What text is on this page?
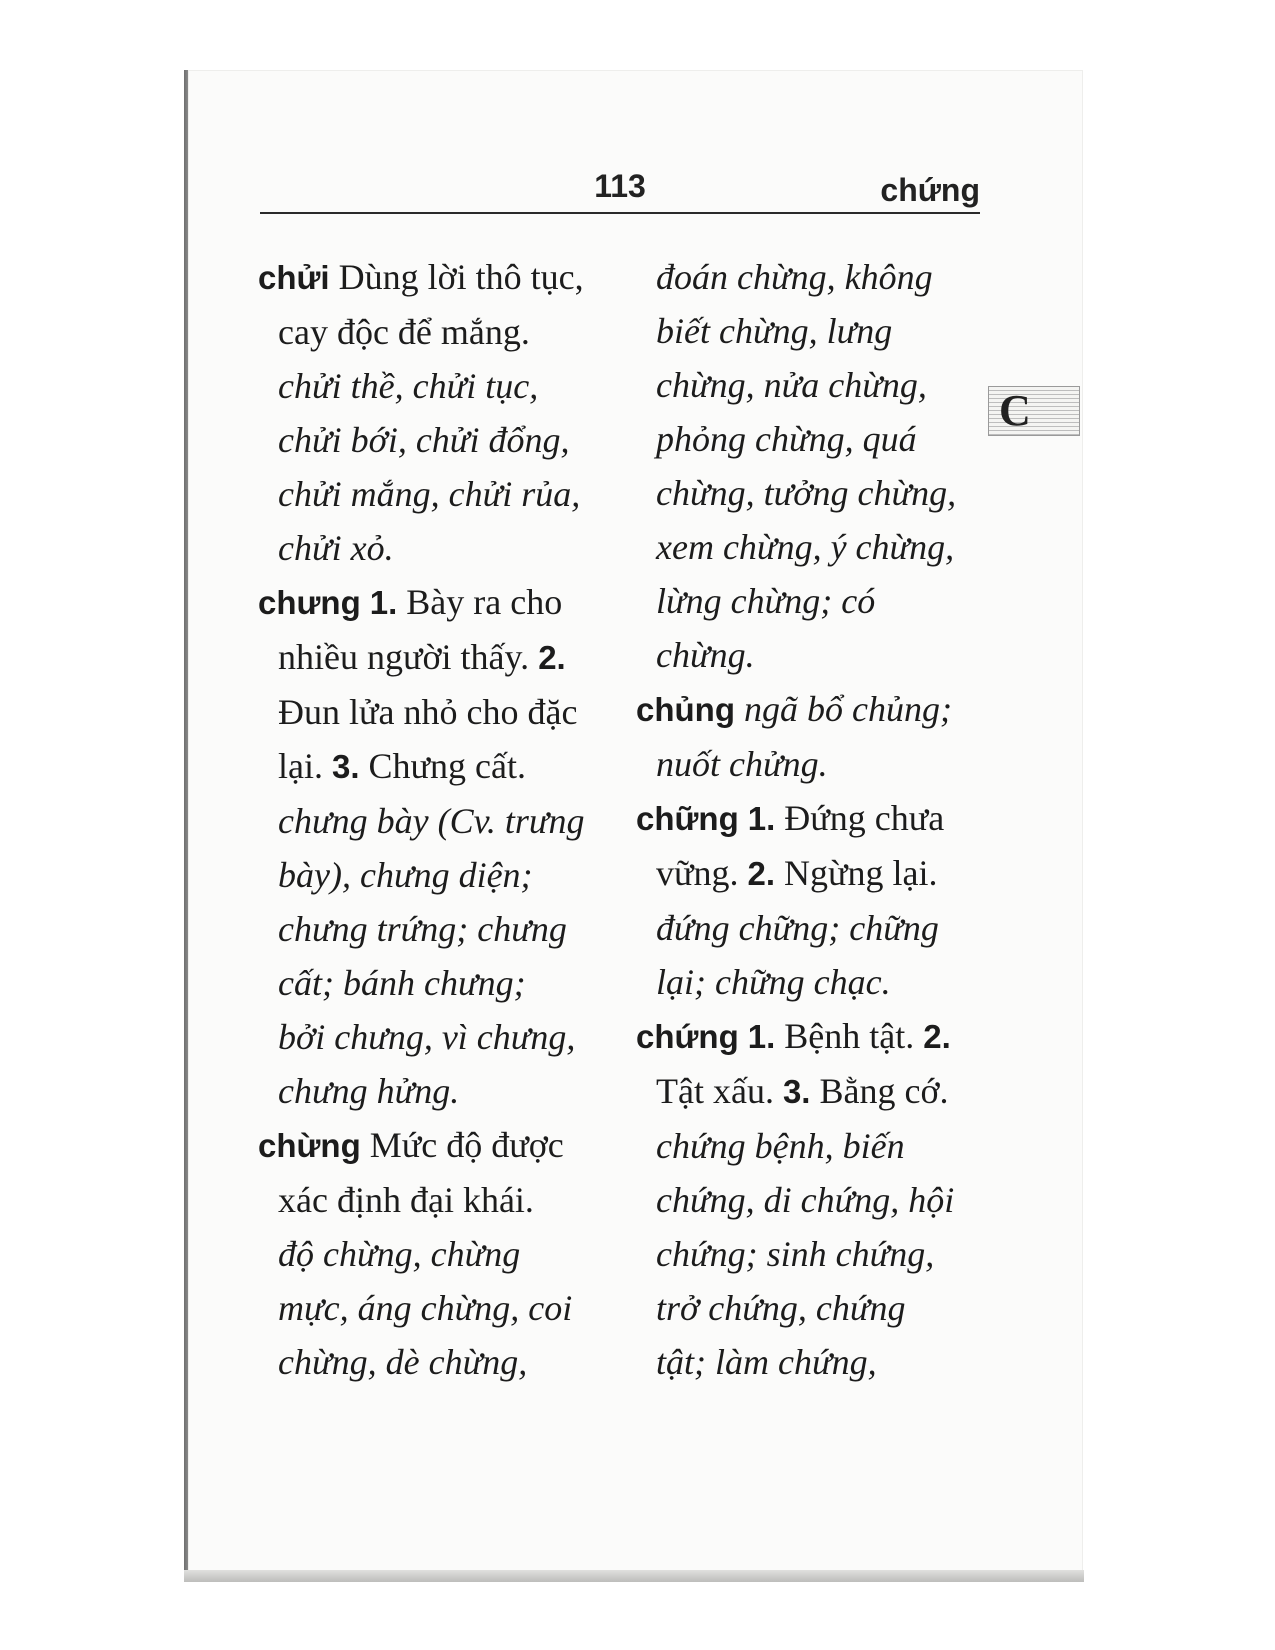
113	chứng
C
chửi Dùng lời thô tục,
cay độc để mắng.
chửi thề, chửi tục,
chửi bới, chửi đổng,
chửi mắng, chửi rủa,
chửi xỏ.
chưng 1. Bày ra cho
nhiều người thấy. 2.
Đun lửa nhỏ cho đặc
lại. 3. Chưng cất.
chưng bày (Cv. trưng
bày), chưng diện;
chưng trứng; chưng
cất; bánh chưng;
bởi chưng, vì chưng,
chưng hửng.
chừng Mức độ được
xác định đại khái.
độ chừng, chừng
mực, áng chừng, coi
chừng, dè chừng,
đoán chừng, không
biết chừng, lưng
chừng, nửa chừng,
phỏng chừng, quá
chừng, tưởng chừng,
xem chừng, ý chừng,
lừng chừng; có
chừng.
chủng ngã bổ chủng;
nuốt chửng.
chững 1. Đứng chưa
vững. 2. Ngừng lại.
đứng chững; chững
lại; chững chạc.
chứng 1. Bệnh tật. 2.
Tật xấu. 3. Bằng cớ.
chứng bệnh, biến
chứng, di chứng, hội
chứng; sinh chứng,
trở chứng, chứng
tật; làm chứng,
